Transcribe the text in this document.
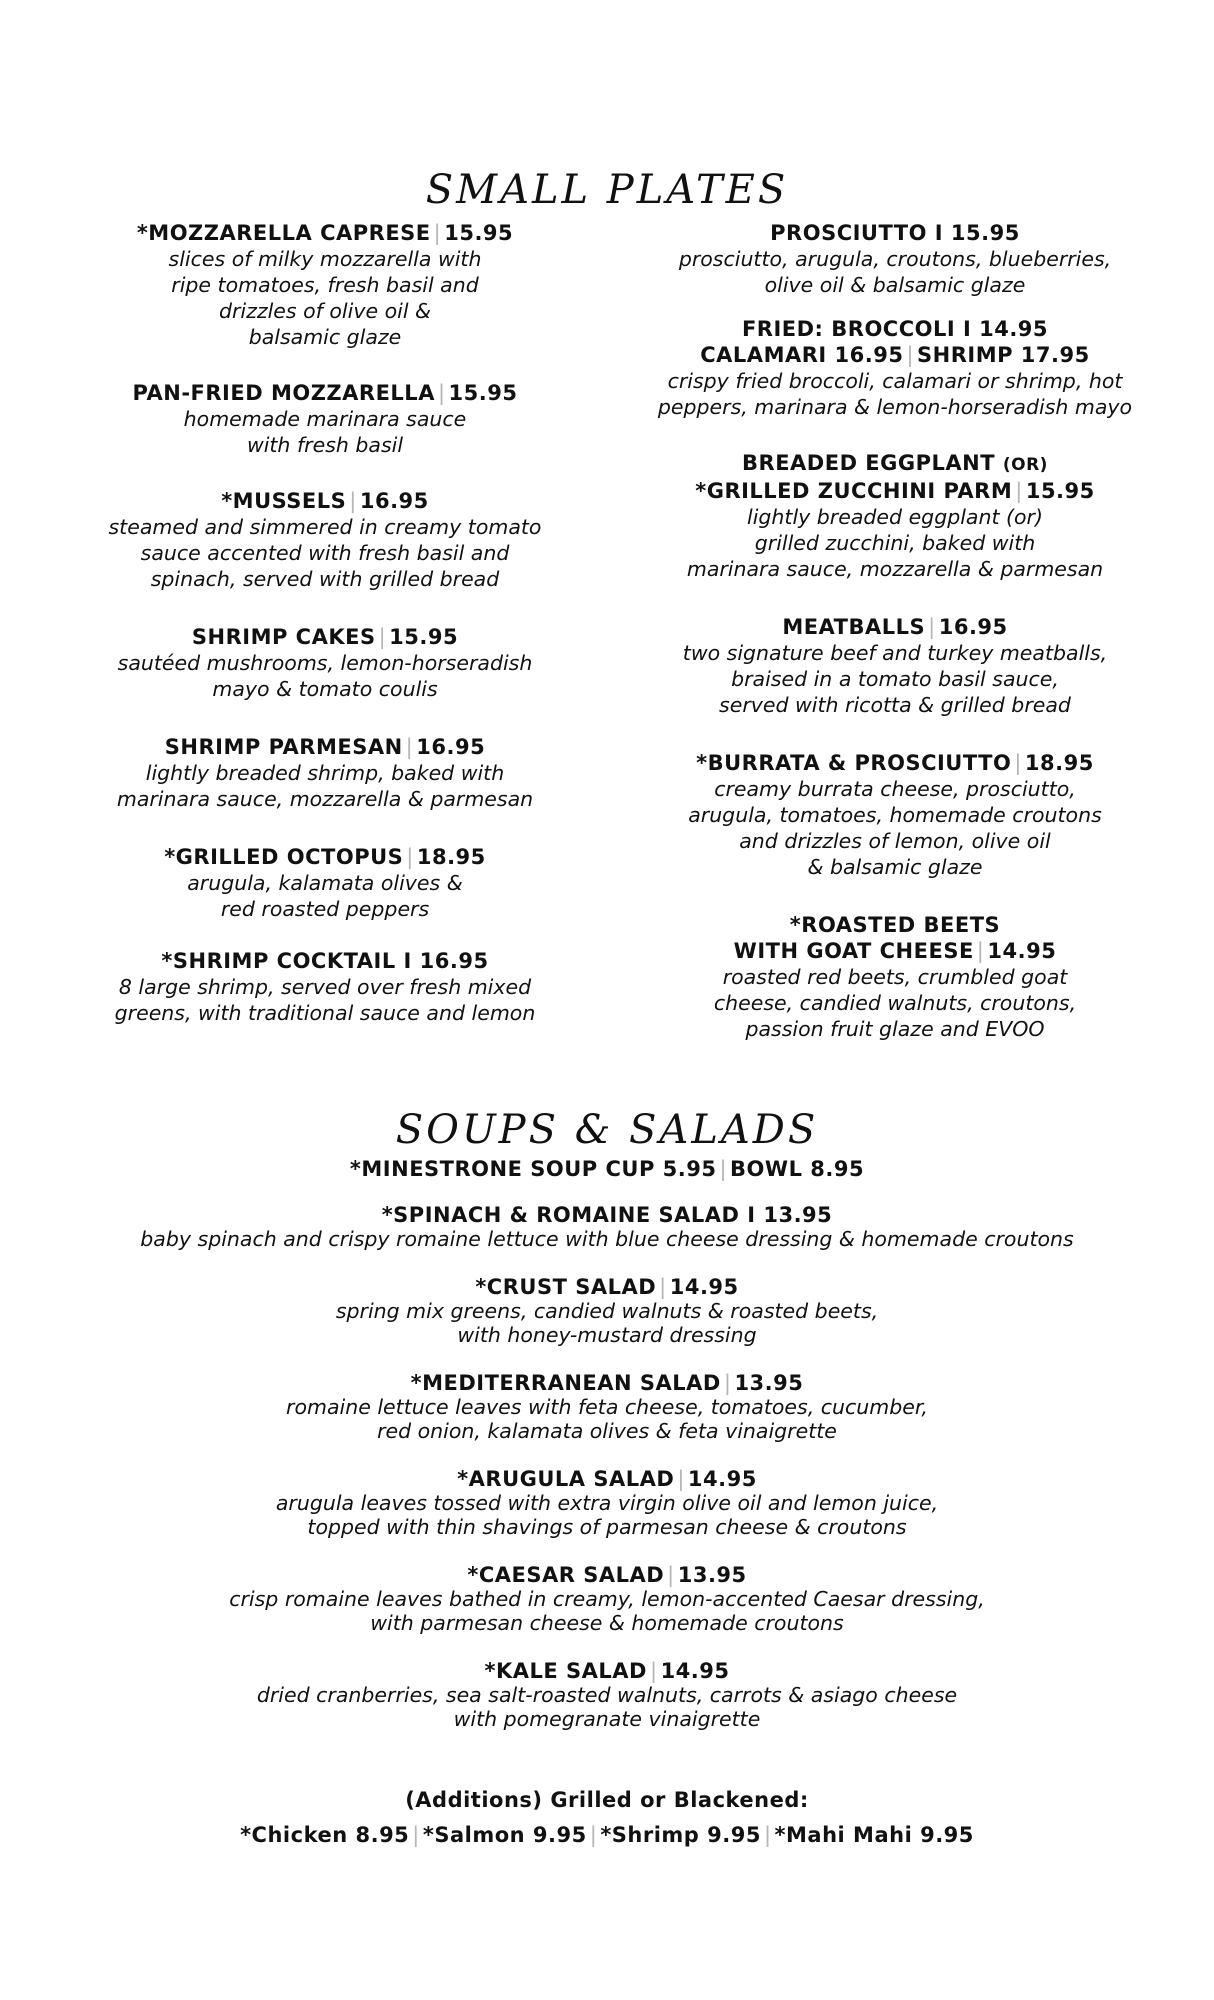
SMALL PLATES
*MOZZARELLA CAPRESE | 15.95
slices of milky mozzarella with
ripe tomatoes, fresh basil and
drizzles of olive oil &
balsamic glaze
PAN-FRIED MOZZARELLA | 15.95
homemade marinara sauce
with fresh basil
*MUSSELS | 16.95
steamed and simmered in creamy tomato
sauce accented with fresh basil and
spinach, served with grilled bread
SHRIMP CAKES | 15.95
sautéed mushrooms, lemon-horseradish
mayo & tomato coulis
SHRIMP PARMESAN | 16.95
lightly breaded shrimp, baked with
marinara sauce, mozzarella & parmesan
*GRILLED OCTOPUS | 18.95
arugula, kalamata olives &
red roasted peppers
*SHRIMP COCKTAIL I 16.95
8 large shrimp, served over fresh mixed
greens, with traditional sauce and lemon
PROSCIUTTO I 15.95
prosciutto, arugula, croutons, blueberries,
olive oil & balsamic glaze
FRIED: BROCCOLI I 14.95
CALAMARI 16.95 | SHRIMP 17.95
crispy fried broccoli, calamari or shrimp, hot
peppers, marinara & lemon-horseradish mayo
BREADED EGGPLANT (OR)
*GRILLED ZUCCHINI PARM | 15.95
lightly breaded eggplant (or)
grilled zucchini, baked with
marinara sauce, mozzarella & parmesan
MEATBALLS | 16.95
two signature beef and turkey meatballs,
braised in a tomato basil sauce,
served with ricotta & grilled bread
*BURRATA & PROSCIUTTO | 18.95
creamy burrata cheese, prosciutto,
arugula, tomatoes, homemade croutons
and drizzles of lemon, olive oil
& balsamic glaze
*ROASTED BEETS
WITH GOAT CHEESE | 14.95
roasted red beets, crumbled goat
cheese, candied walnuts, croutons,
passion fruit glaze and EVOO
SOUPS & SALADS
*MINESTRONE SOUP CUP 5.95 | BOWL 8.95
*SPINACH & ROMAINE SALAD I 13.95
baby spinach and crispy romaine lettuce with blue cheese dressing & homemade croutons
*CRUST SALAD | 14.95
spring mix greens, candied walnuts & roasted beets,
with honey-mustard dressing
*MEDITERRANEAN SALAD | 13.95
romaine lettuce leaves with feta cheese, tomatoes, cucumber,
red onion, kalamata olives & feta vinaigrette
*ARUGULA SALAD | 14.95
arugula leaves tossed with extra virgin olive oil and lemon juice,
topped with thin shavings of parmesan cheese & croutons
*CAESAR SALAD | 13.95
crisp romaine leaves bathed in creamy, lemon-accented Caesar dressing,
with parmesan cheese & homemade croutons
*KALE SALAD | 14.95
dried cranberries, sea salt-roasted walnuts, carrots & asiago cheese
with pomegranate vinaigrette
(Additions) Grilled or Blackened:
*Chicken 8.95 | *Salmon 9.95 | *Shrimp 9.95 | *Mahi Mahi 9.95
